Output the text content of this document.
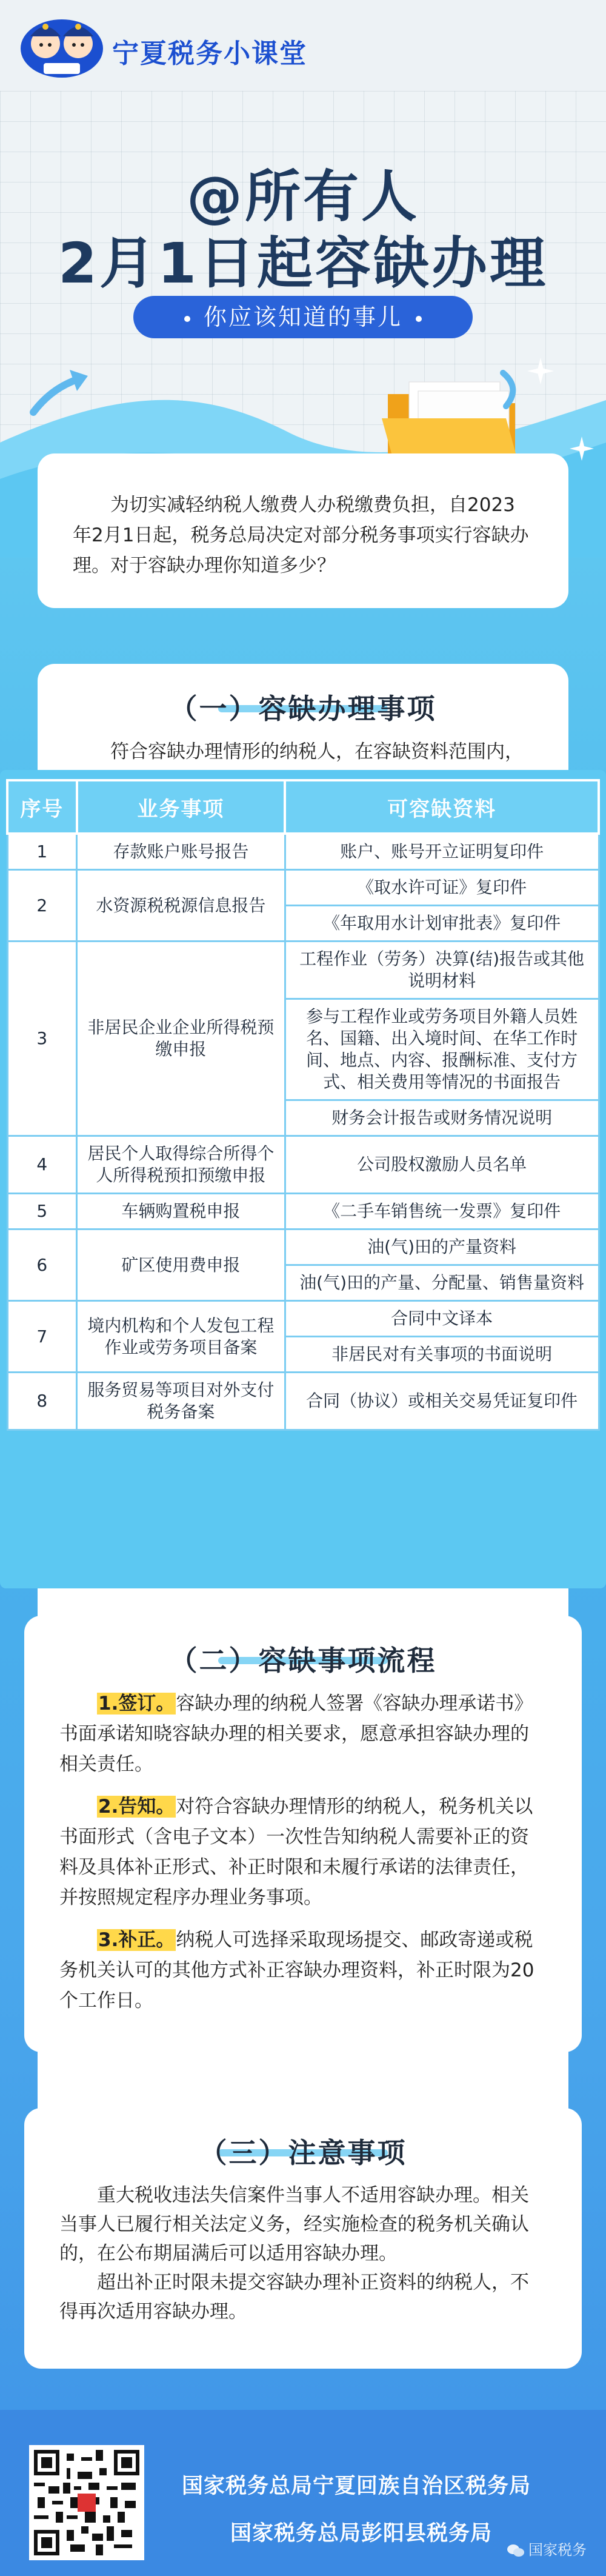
宁夏税务小课堂
@所有人
2月1日起容缺办理
你应该知道的事儿

为切实减轻纳税人缴费人办税缴费负担，自2023年2月1日起，税务总局决定对部分税务事项实行容缺办理。对于容缺办理你知道多少？

（一）容缺办理事项

符合容缺办理情形的纳税人，在容缺资料范围内，

序号	业务事项	可容缺资料
1	存款账户账号报告	账户、账号开立证明复印件
2	水资源税税源信息报告	《取水许可证》复印件
		《年取用水计划审批表》复印件
3	非居民企业企业所得税预缴申报	工程作业（劳务）决算(结)报告或其他说明材料
		参与工程作业或劳务项目外籍人员姓名、国籍、出入境时间、在华工作时间、地点、内容、报酬标准、支付方式、相关费用等情况的书面报告
		财务会计报告或财务情况说明
4	居民个人取得综合所得个人所得税预扣预缴申报	公司股权激励人员名单
5	车辆购置税申报	《二手车销售统一发票》复印件
6	矿区使用费申报	油(气)田的产量资料
		油(气)田的产量、分配量、销售量资料
7	境内机构和个人发包工程作业或劳务项目备案	合同中文译本
		非居民对有关事项的书面说明
8	服务贸易等项目对外支付税务备案	合同（协议）或相关交易凭证复印件
（二）容缺事项流程

1.签订。容缺办理的纳税人签署《容缺办理承诺书》书面承诺知晓容缺办理的相关要求，愿意承担容缺办理的相关责任。

2.告知。对符合容缺办理情形的纳税人，税务机关以书面形式（含电子文本）一次性告知纳税人需要补正的资料及具体补正形式、补正时限和未履行承诺的法律责任，并按照规定程序办理业务事项。

3.补正。纳税人可选择采取现场提交、邮政寄递或税务机关认可的其他方式补正容缺办理资料，补正时限为20个工作日。

（三）注意事项

重大税收违法失信案件当事人不适用容缺办理。相关当事人已履行相关法定义务，经实施检查的税务机关确认的，在公布期届满后可以适用容缺办理。

超出补正时限未提交容缺办理补正资料的纳税人，不得再次适用容缺办理。

国家税务总局宁夏回族自治区税务局
国家税务总局彭阳县税务局
国家税务
